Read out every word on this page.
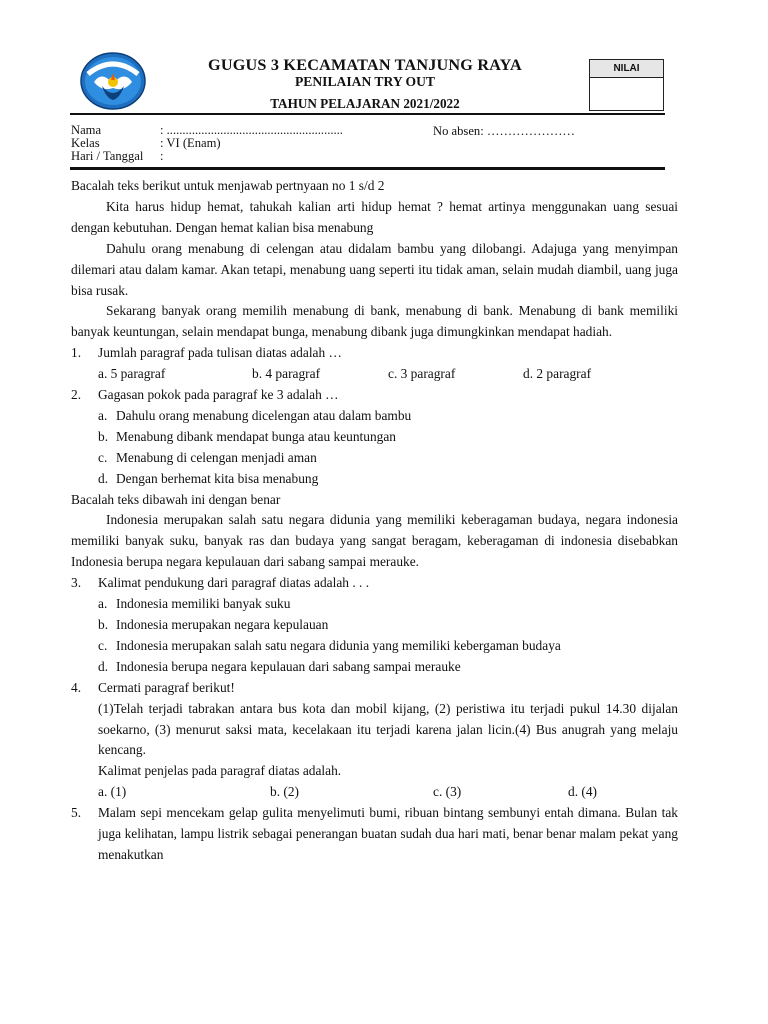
GUGUS 3 KECAMATAN TANJUNG RAYA
PENILAIAN TRY OUT
TAHUN PELAJARAN 2021/2022
NILAI
Nama	: ........................................................
Kelas	: VI (Enam)
Hari / Tanggal :
No absen: …………………

Bacalah teks berikut untuk menjawab pertnyaan no 1 s/d 2

Kita harus hidup hemat, tahukah kalian arti hidup hemat ? hemat artinya menggunakan uang sesuai dengan kebutuhan. Dengan hemat kalian bisa menabung

Dahulu orang menabung di celengan atau didalam bambu yang dilobangi. Adajuga yang menyimpan dilemari atau dalam kamar. Akan tetapi, menabung uang seperti itu tidak aman, selain mudah diambil, uang juga bisa rusak.

Sekarang banyak orang memilih menabung di bank, menabung di bank. Menabung di bank memiliki banyak keuntungan, selain mendapat bunga, menabung dibank juga dimungkinkan mendapat hadiah.

1. Jumlah paragraf pada tulisan diatas adalah …
a. 5 paragraf	b. 4 paragraf	c. 3 paragraf	d. 2 paragraf
2. Gagasan pokok pada paragraf ke 3 adalah …
a. Dahulu orang menabung dicelengan atau dalam bambu
b. Menabung dibank mendapat bunga atau keuntungan
c. Menabung di celengan menjadi aman
d. Dengan berhemat kita bisa menabung

Bacalah teks dibawah ini dengan benar

Indonesia merupakan salah satu negara didunia yang memiliki keberagaman budaya, negara indonesia memiliki banyak suku, banyak ras dan budaya yang sangat beragam, keberagaman di indonesia disebabkan Indonesia berupa negara kepulauan dari sabang sampai merauke.

3. Kalimat pendukung dari paragraf diatas adalah . . .
a. Indonesia memiliki banyak suku
b. Indonesia merupakan negara kepulauan
c. Indonesia merupakan salah satu negara didunia yang memiliki kebergaman budaya
d. Indonesia berupa negara kepulauan dari sabang sampai merauke
4. Cermati paragraf berikut!

(1)Telah terjadi tabrakan antara bus kota dan mobil kijang, (2) peristiwa itu terjadi pukul 14.30 dijalan soekarno, (3) menurut saksi mata, kecelakaan itu terjadi karena jalan licin.(4) Bus anugrah yang melaju kencang.

Kalimat penjelas pada paragraf diatas adalah.

a. (1)	b. (2)	c. (3)	d. (4)
5. Malam sepi mencekam gelap gulita menyelimuti bumi, ribuan bintang sembunyi entah dimana. Bulan tak juga kelihatan, lampu listrik sebagai penerangan buatan sudah dua hari mati, benar benar malam pekat yang menakutkan
